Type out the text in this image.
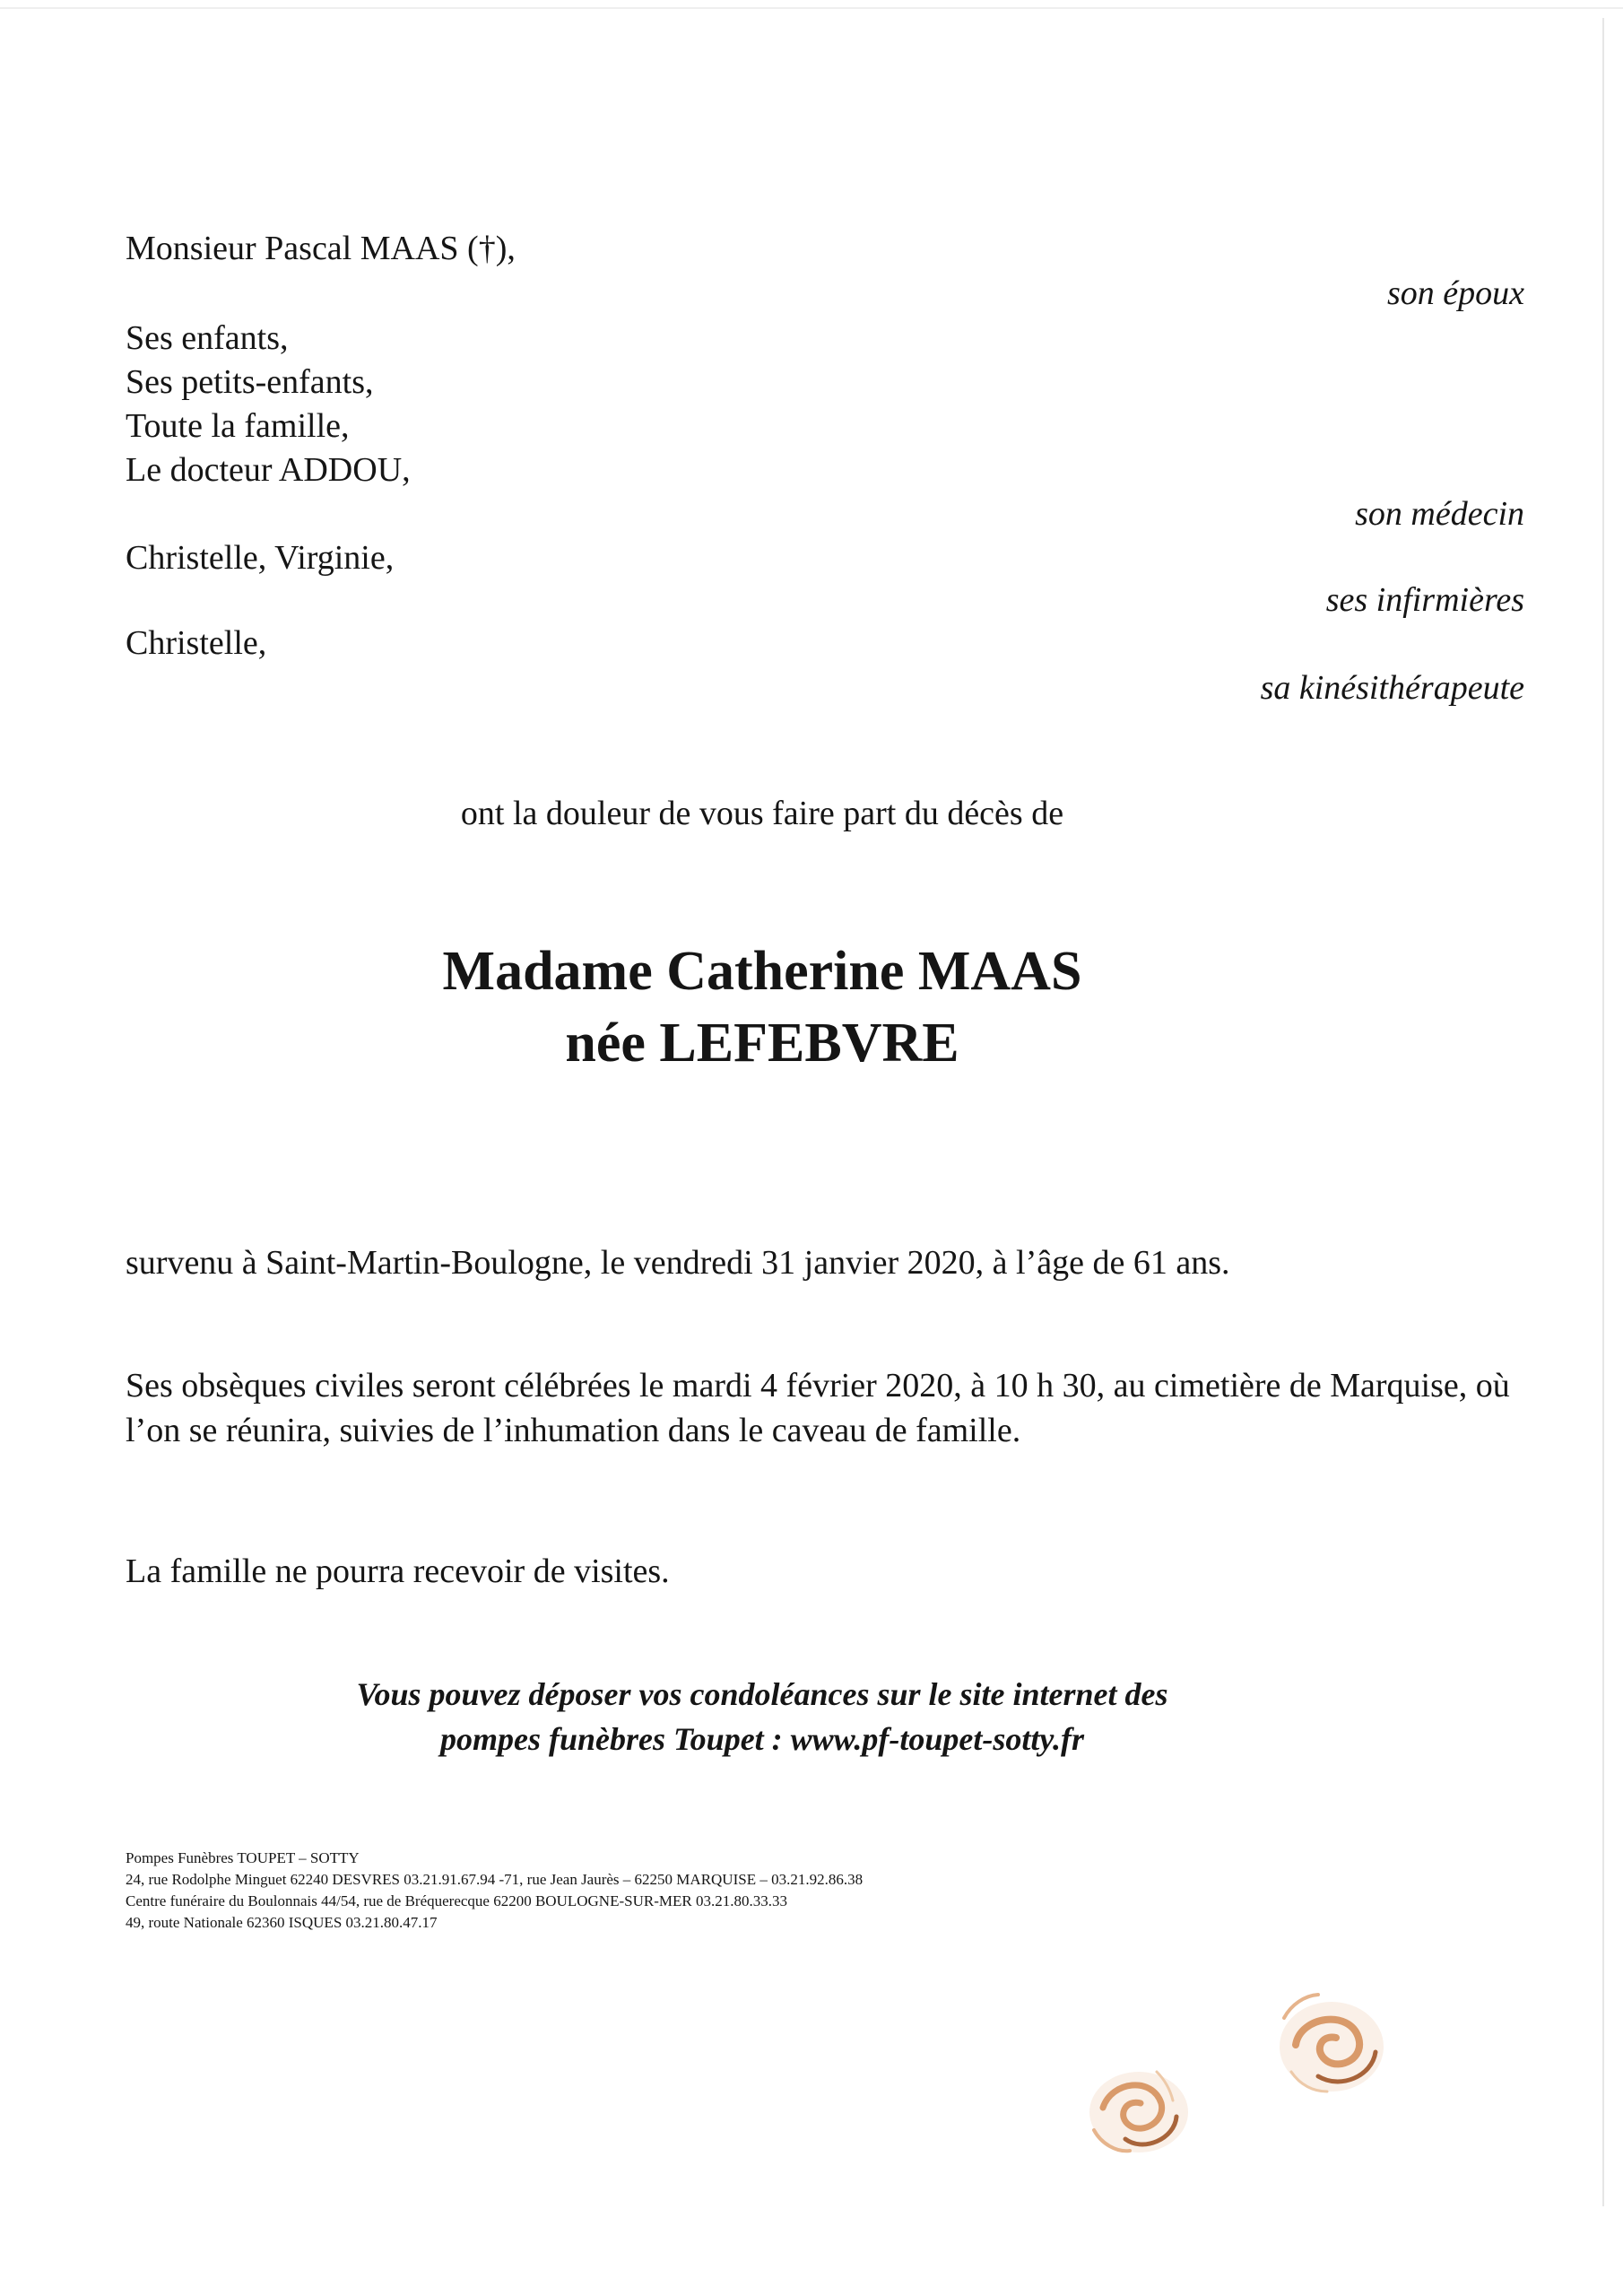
Monsieur Pascal MAAS (†),
son époux
Ses enfants,
Ses petits-enfants,
Toute la famille,
Le docteur ADDOU,
son médecin
Christelle, Virginie,
ses infirmières
Christelle,
sa kinésithérapeute
ont la douleur de vous faire part du décès de
Madame Catherine MAAS
née LEFEBVRE
survenu à Saint-Martin-Boulogne, le vendredi 31 janvier 2020, à l’âge de 61 ans.
Ses obsèques civiles seront célébrées le mardi 4 février 2020, à 10 h 30, au cimetière de Marquise, où l’on se réunira, suivies de l’inhumation dans le caveau de famille.
La famille ne pourra recevoir de visites.
Vous pouvez déposer vos condoléances sur le site internet des
pompes funèbres Toupet : www.pf-toupet-sotty.fr
Pompes Funèbres TOUPET – SOTTY
24, rue Rodolphe Minguet 62240 DESVRES 03.21.91.67.94 -71, rue Jean Jaurès – 62250 MARQUISE – 03.21.92.86.38
Centre funéraire du Boulonnais 44/54, rue de Bréquerecque 62200 BOULOGNE-SUR-MER 03.21.80.33.33
49, route Nationale 62360 ISQUES 03.21.80.47.17
